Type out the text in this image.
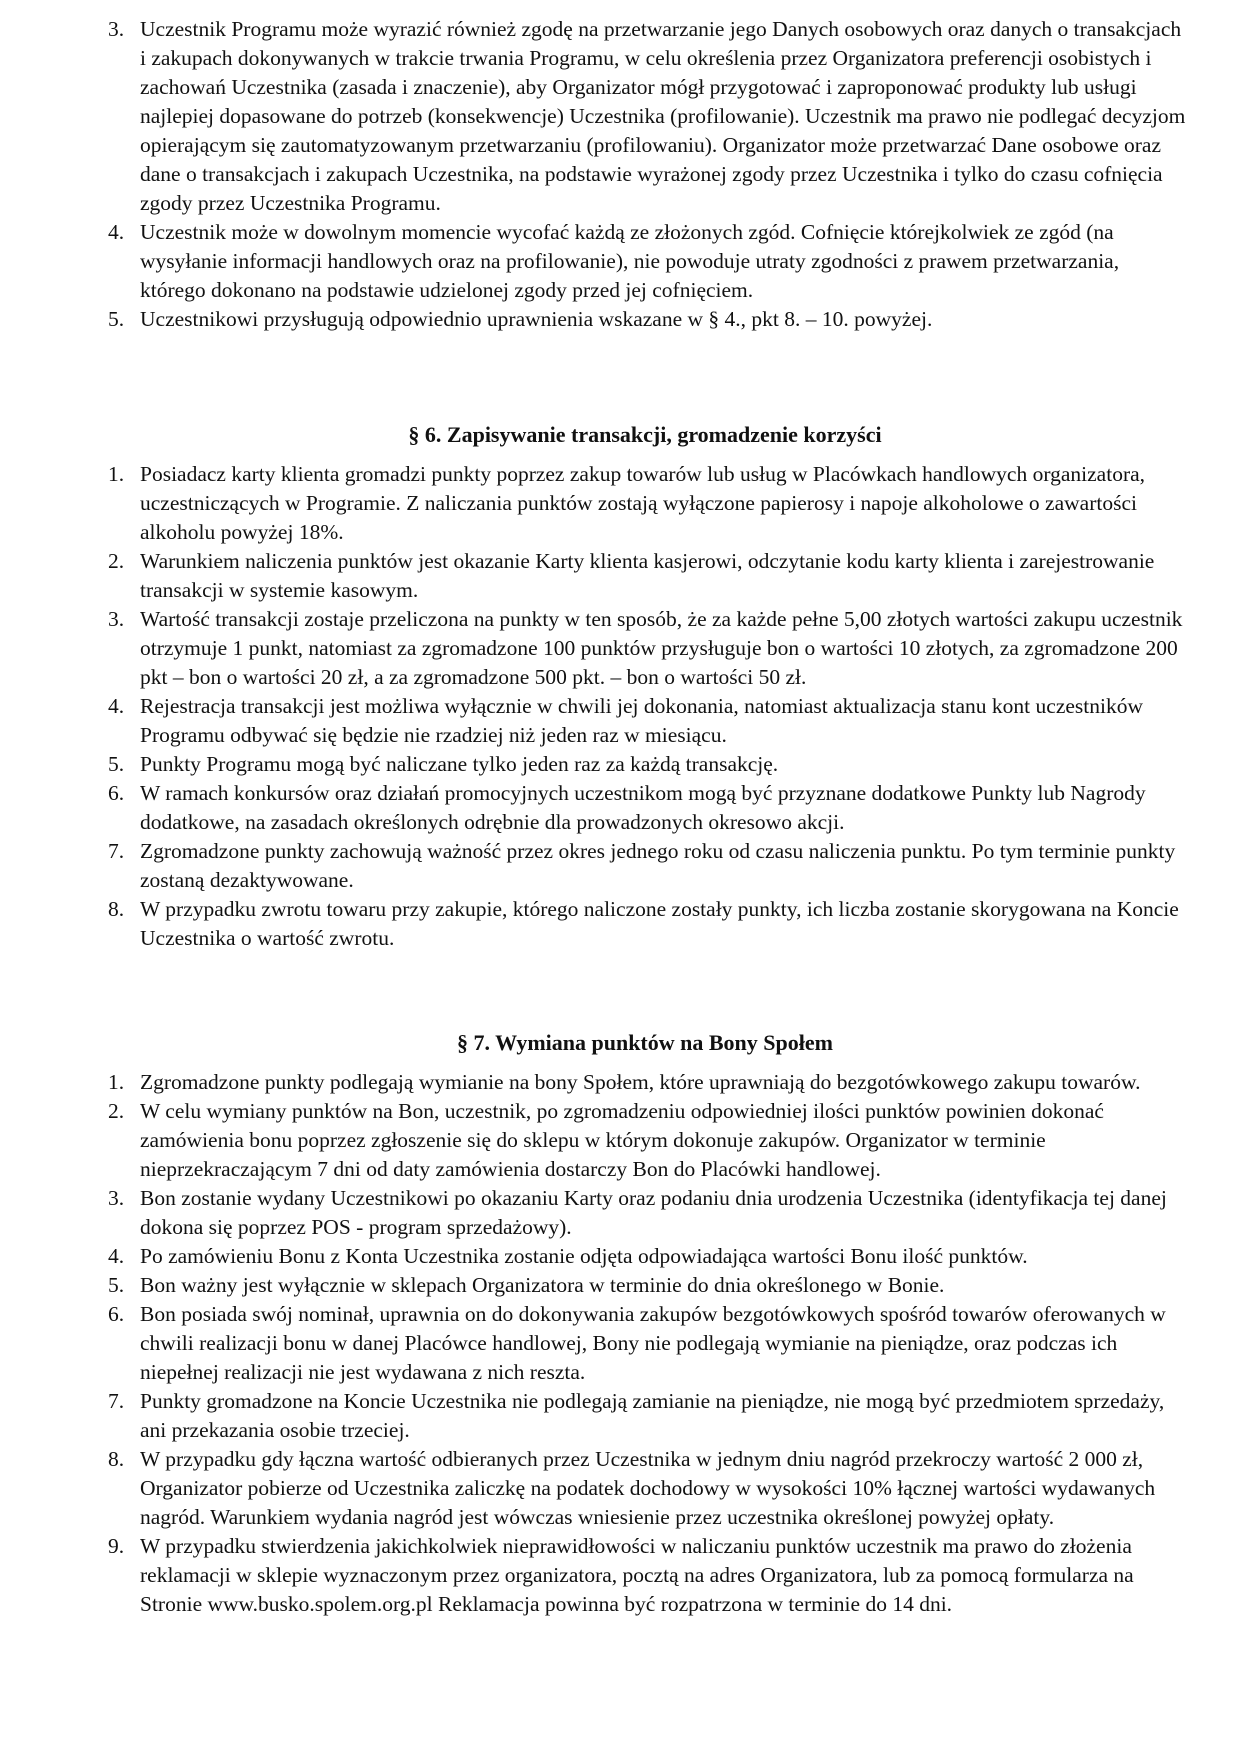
3. Uczestnik Programu może wyrazić również zgodę na przetwarzanie jego Danych osobowych oraz danych o transakcjach i zakupach dokonywanych w trakcie trwania Programu, w celu określenia przez Organizatora preferencji osobistych i zachowań Uczestnika (zasada i znaczenie), aby Organizator mógł przygotować i zaproponować produkty lub usługi najlepiej dopasowane do potrzeb (konsekwencje) Uczestnika (profilowanie). Uczestnik ma prawo nie podlegać decyzjom opierającym się zautomatyzowanym przetwarzaniu (profilowaniu). Organizator może przetwarzać Dane osobowe oraz dane o transakcjach i zakupach Uczestnika, na podstawie wyrażonej zgody przez Uczestnika i tylko do czasu cofnięcia zgody przez Uczestnika Programu.
4. Uczestnik może w dowolnym momencie wycofać każdą ze złożonych zgód. Cofnięcie którejkolwiek ze zgód (na wysyłanie informacji handlowych oraz na profilowanie), nie powoduje utraty zgodności z prawem przetwarzania, którego dokonano na podstawie udzielonej zgody przed jej cofnięciem.
5. Uczestnikowi przysługują odpowiednio uprawnienia wskazane w § 4., pkt 8. – 10. powyżej.
§ 6. Zapisywanie transakcji, gromadzenie korzyści
1. Posiadacz karty klienta gromadzi punkty poprzez zakup towarów lub usług w Placówkach handlowych organizatora, uczestniczących w Programie. Z naliczania punktów zostają wyłączone papierosy i napoje alkoholowe o zawartości alkoholu powyżej 18%.
2. Warunkiem naliczenia punktów jest okazanie Karty klienta kasjerowi, odczytanie kodu karty klienta i zarejestrowanie transakcji w systemie kasowym.
3. Wartość transakcji zostaje przeliczona na punkty w ten sposób, że za każde pełne 5,00 złotych wartości zakupu uczestnik otrzymuje 1 punkt, natomiast za zgromadzone 100 punktów przysługuje bon o wartości 10 złotych, za zgromadzone 200 pkt – bon o wartości 20 zł, a za zgromadzone 500 pkt. – bon o wartości 50 zł.
4. Rejestracja transakcji jest możliwa wyłącznie w chwili jej dokonania, natomiast aktualizacja stanu kont uczestników Programu odbywać się będzie nie rzadziej niż jeden raz w miesiącu.
5. Punkty Programu mogą być naliczane tylko jeden raz za każdą transakcję.
6. W ramach konkursów oraz działań promocyjnych uczestnikom mogą być przyznane dodatkowe Punkty lub Nagrody dodatkowe, na zasadach określonych odrębnie dla prowadzonych okresowo akcji.
7. Zgromadzone punkty zachowują ważność przez okres jednego roku od czasu naliczenia punktu. Po tym terminie punkty zostaną dezaktywowane.
8. W przypadku zwrotu towaru przy zakupie, którego naliczone zostały punkty, ich liczba zostanie skorygowana na Koncie Uczestnika o wartość zwrotu.
§ 7. Wymiana punktów na Bony Społem
1. Zgromadzone punkty podlegają wymianie na bony Społem, które uprawniają do bezgotówkowego zakupu towarów.
2. W celu wymiany punktów na Bon, uczestnik, po zgromadzeniu odpowiedniej ilości punktów powinien dokonać zamówienia bonu poprzez zgłoszenie się do sklepu w którym dokonuje zakupów. Organizator w terminie nieprzekraczającym 7 dni od daty zamówienia dostarczy Bon do Placówki handlowej.
3. Bon zostanie wydany Uczestnikowi po okazaniu Karty oraz podaniu dnia urodzenia Uczestnika (identyfikacja tej danej dokona się poprzez POS - program sprzedażowy).
4. Po zamówieniu Bonu z Konta Uczestnika zostanie odjęta odpowiadająca wartości Bonu ilość punktów.
5. Bon ważny jest wyłącznie w sklepach Organizatora w terminie do dnia określonego w Bonie.
6. Bon posiada swój nominał, uprawnia on do dokonywania zakupów bezgotówkowych spośród towarów oferowanych w chwili realizacji bonu w danej Placówce handlowej, Bony nie podlegają wymianie na pieniądze, oraz podczas ich niepełnej realizacji nie jest wydawana z nich reszta.
7. Punkty gromadzone na Koncie Uczestnika nie podlegają zamianie na pieniądze, nie mogą być przedmiotem sprzedaży, ani przekazania osobie trzeciej.
8. W przypadku gdy łączna wartość odbieranych przez Uczestnika w jednym dniu nagród przekroczy wartość 2 000 zł, Organizator pobierze od Uczestnika zaliczkę na podatek dochodowy w wysokości 10% łącznej wartości wydawanych nagród. Warunkiem wydania nagród jest wówczas wniesienie przez uczestnika określonej powyżej opłaty.
9. W przypadku stwierdzenia jakichkolwiek nieprawidłowości w naliczaniu punktów uczestnik ma prawo do złożenia reklamacji w sklepie wyznaczonym przez organizatora, pocztą na adres Organizatora, lub za pomocą formularza na Stronie www.busko.spolem.org.pl Reklamacja powinna być rozpatrzona w terminie do 14 dni.
